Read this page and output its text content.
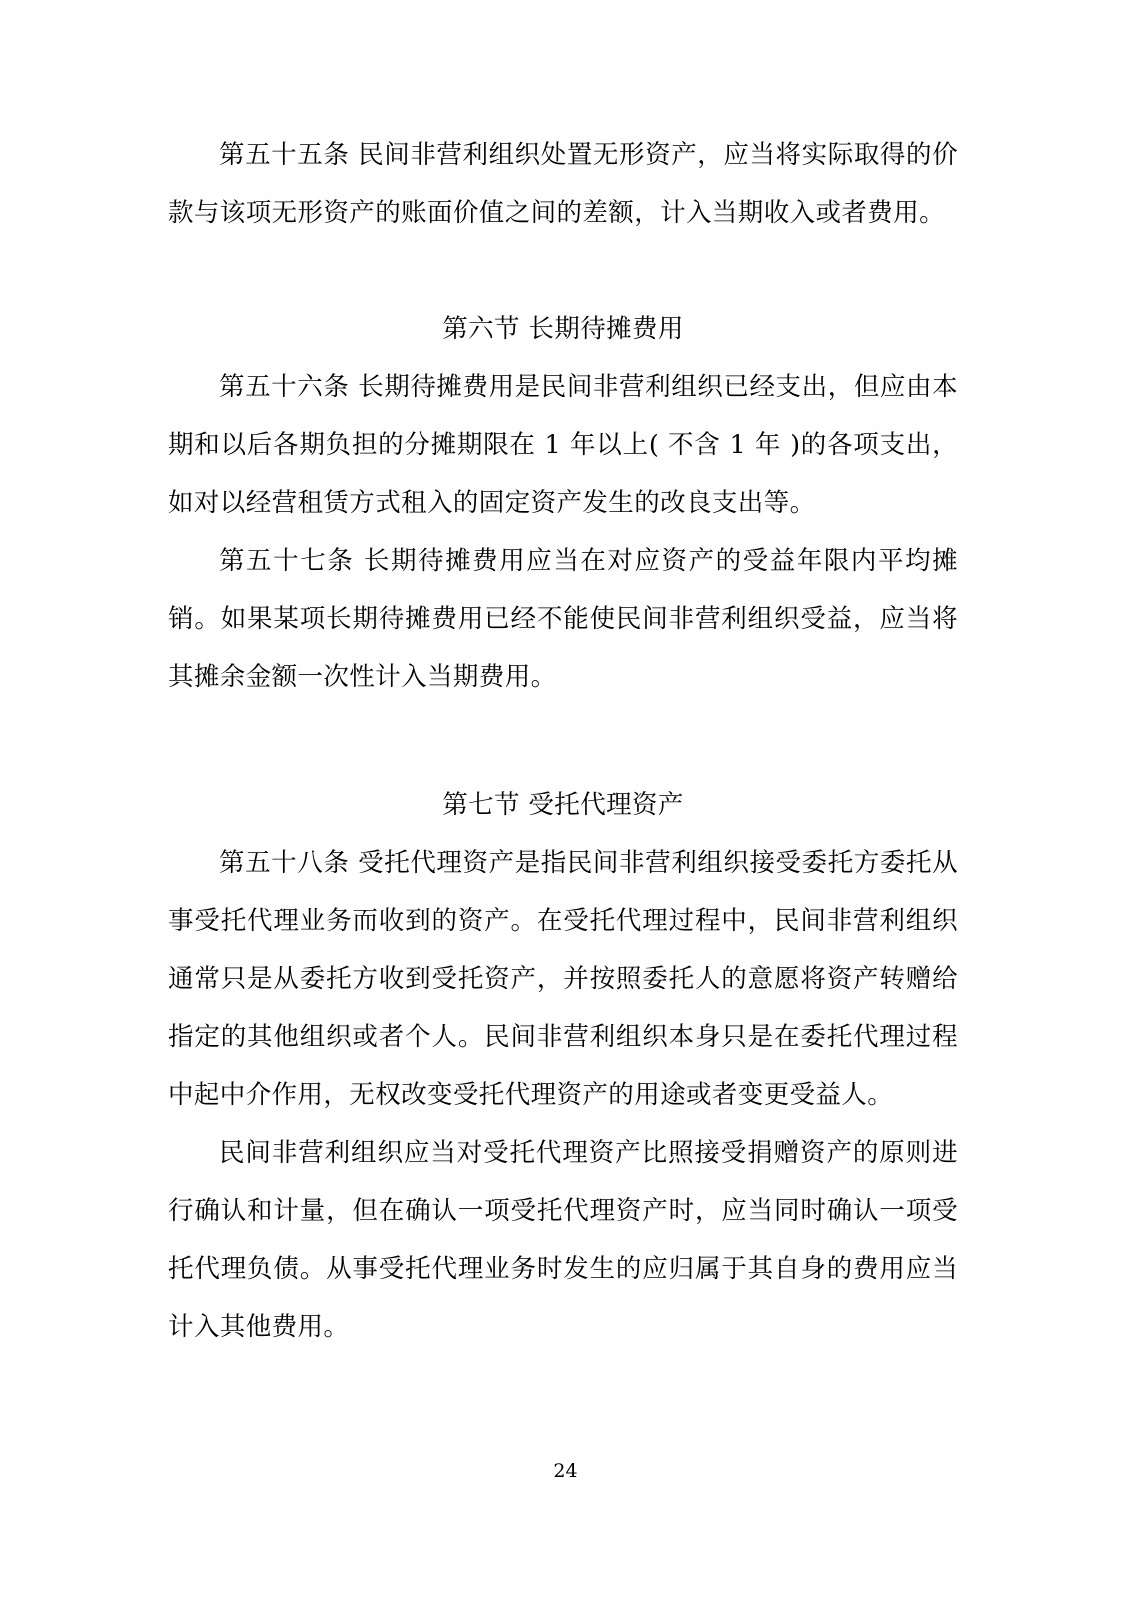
第五十五条 民间非营利组织处置无形资产，应当将实际取得的价款与该项无形资产的账面价值之间的差额，计入当期收入或者费用。

第六节 长期待摊费用

第五十六条 长期待摊费用是民间非营利组织已经支出，但应由本期和以后各期负担的分摊期限在 1 年以上( 不含 1 年 )的各项支出，如对以经营租赁方式租入的固定资产发生的改良支出等。

第五十七条 长期待摊费用应当在对应资产的受益年限内平均摊销。如果某项长期待摊费用已经不能使民间非营利组织受益，应当将其摊余金额一次性计入当期费用。

第七节 受托代理资产

第五十八条 受托代理资产是指民间非营利组织接受委托方委托从事受托代理业务而收到的资产。在受托代理过程中，民间非营利组织通常只是从委托方收到受托资产，并按照委托人的意愿将资产转赠给指定的其他组织或者个人。民间非营利组织本身只是在委托代理过程中起中介作用，无权改变受托代理资产的用途或者变更受益人。

民间非营利组织应当对受托代理资产比照接受捐赠资产的原则进行确认和计量，但在确认一项受托代理资产时，应当同时确认一项受托代理负债。从事受托代理业务时发生的应归属于其自身的费用应当计入其他费用。

24
